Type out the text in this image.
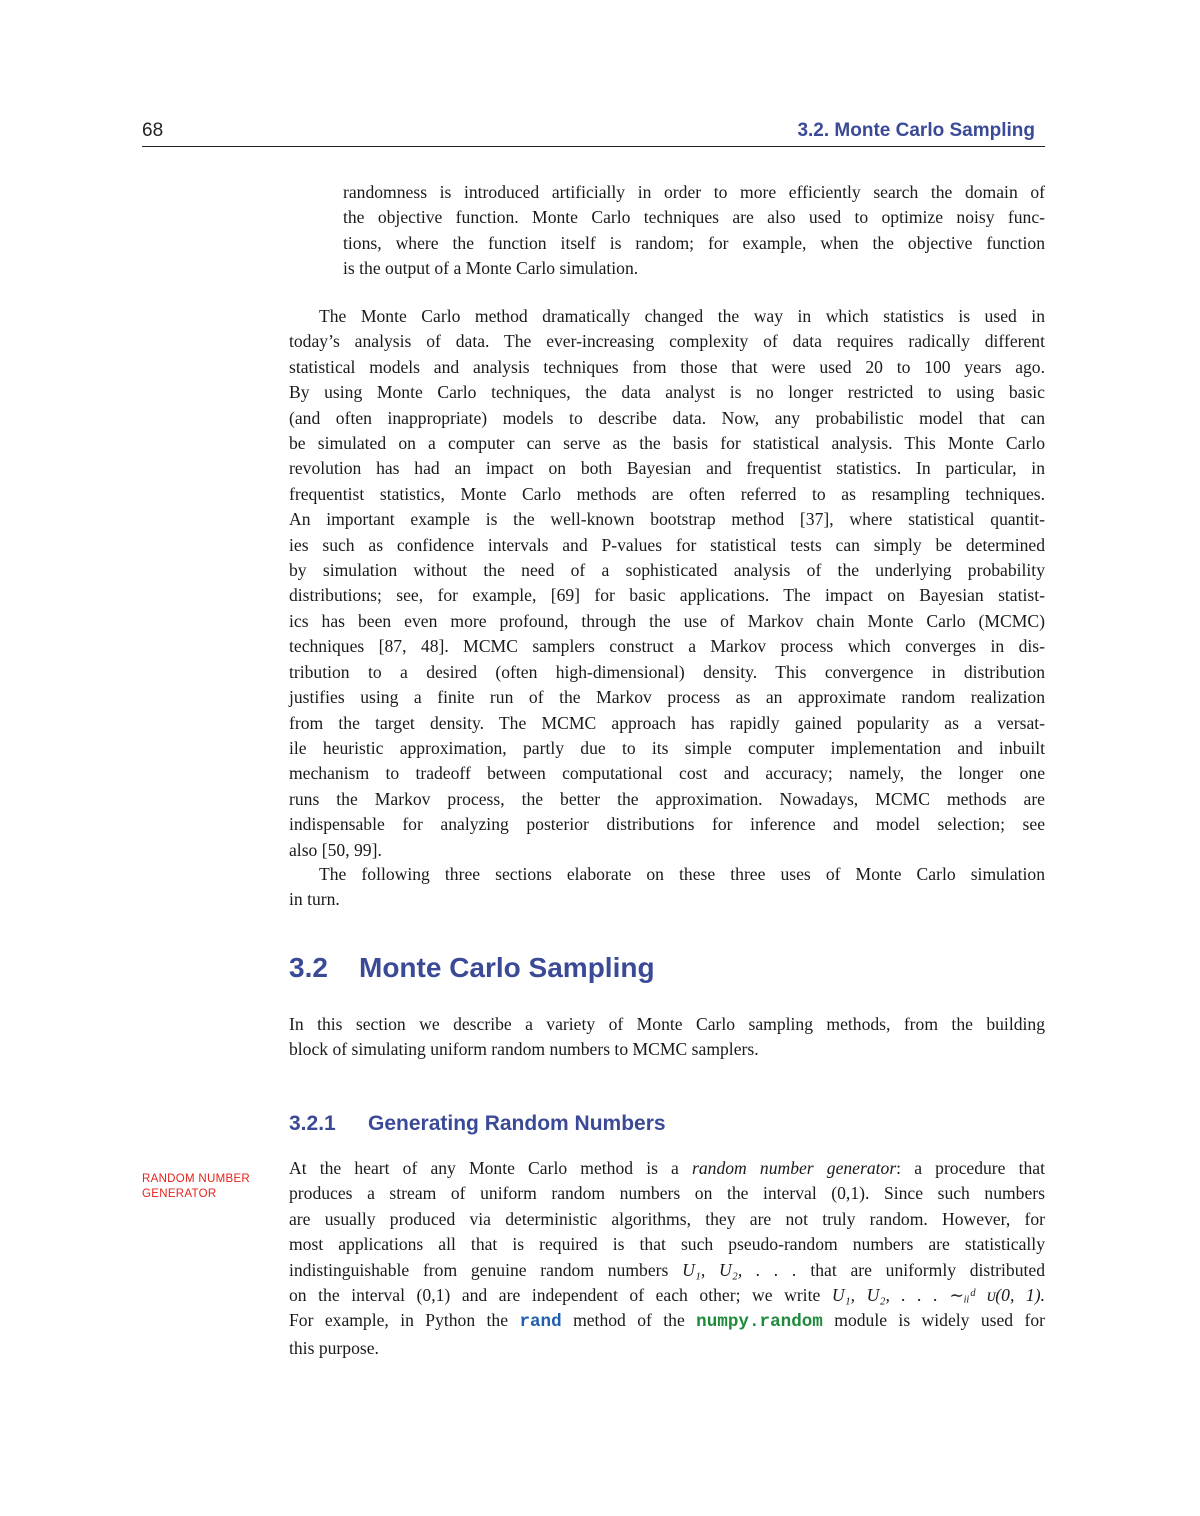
68	3.2. Monte Carlo Sampling
randomness is introduced artificially in order to more efficiently search the domain of
the objective function. Monte Carlo techniques are also used to optimize noisy func-
tions, where the function itself is random; for example, when the objective function
is the output of a Monte Carlo simulation.
The Monte Carlo method dramatically changed the way in which statistics is used in
today’s analysis of data. The ever-increasing complexity of data requires radically different
statistical models and analysis techniques from those that were used 20 to 100 years ago.
By using Monte Carlo techniques, the data analyst is no longer restricted to using basic
(and often inappropriate) models to describe data. Now, any probabilistic model that can
be simulated on a computer can serve as the basis for statistical analysis. This Monte Carlo
revolution has had an impact on both Bayesian and frequentist statistics. In particular, in
frequentist statistics, Monte Carlo methods are often referred to as resampling techniques.
An important example is the well-known bootstrap method [37], where statistical quantit-
ies such as confidence intervals and P-values for statistical tests can simply be determined
by simulation without the need of a sophisticated analysis of the underlying probability
distributions; see, for example, [69] for basic applications. The impact on Bayesian statist-
ics has been even more profound, through the use of Markov chain Monte Carlo (MCMC)
techniques [87, 48]. MCMC samplers construct a Markov process which converges in dis-
tribution to a desired (often high-dimensional) density. This convergence in distribution
justifies using a finite run of the Markov process as an approximate random realization
from the target density. The MCMC approach has rapidly gained popularity as a versat-
ile heuristic approximation, partly due to its simple computer implementation and inbuilt
mechanism to tradeoff between computational cost and accuracy; namely, the longer one
runs the Markov process, the better the approximation. Nowadays, MCMC methods are
indispensable for analyzing posterior distributions for inference and model selection; see
also [50, 99].
The following three sections elaborate on these three uses of Monte Carlo simulation
in turn.
3.2 Monte Carlo Sampling
In this section we describe a variety of Monte Carlo sampling methods, from the building
block of simulating uniform random numbers to MCMC samplers.
3.2.1 Generating Random Numbers
RANDOM NUMBER
GENERATOR
At the heart of any Monte Carlo method is a random number generator: a procedure that
produces a stream of uniform random numbers on the interval (0,1). Since such numbers
are usually produced via deterministic algorithms, they are not truly random. However, for
most applications all that is required is that such pseudo-random numbers are statistically
indistinguishable from genuine random numbers U₁, U₂, . . . that are uniformly distributed
on the interval (0,1) and are independent of each other; we write U₁, U₂, . . . ∼ᵢᵢᵈ ᴜ(0, 1).
For example, in Python the rand method of the numpy.random module is widely used for
this purpose.
